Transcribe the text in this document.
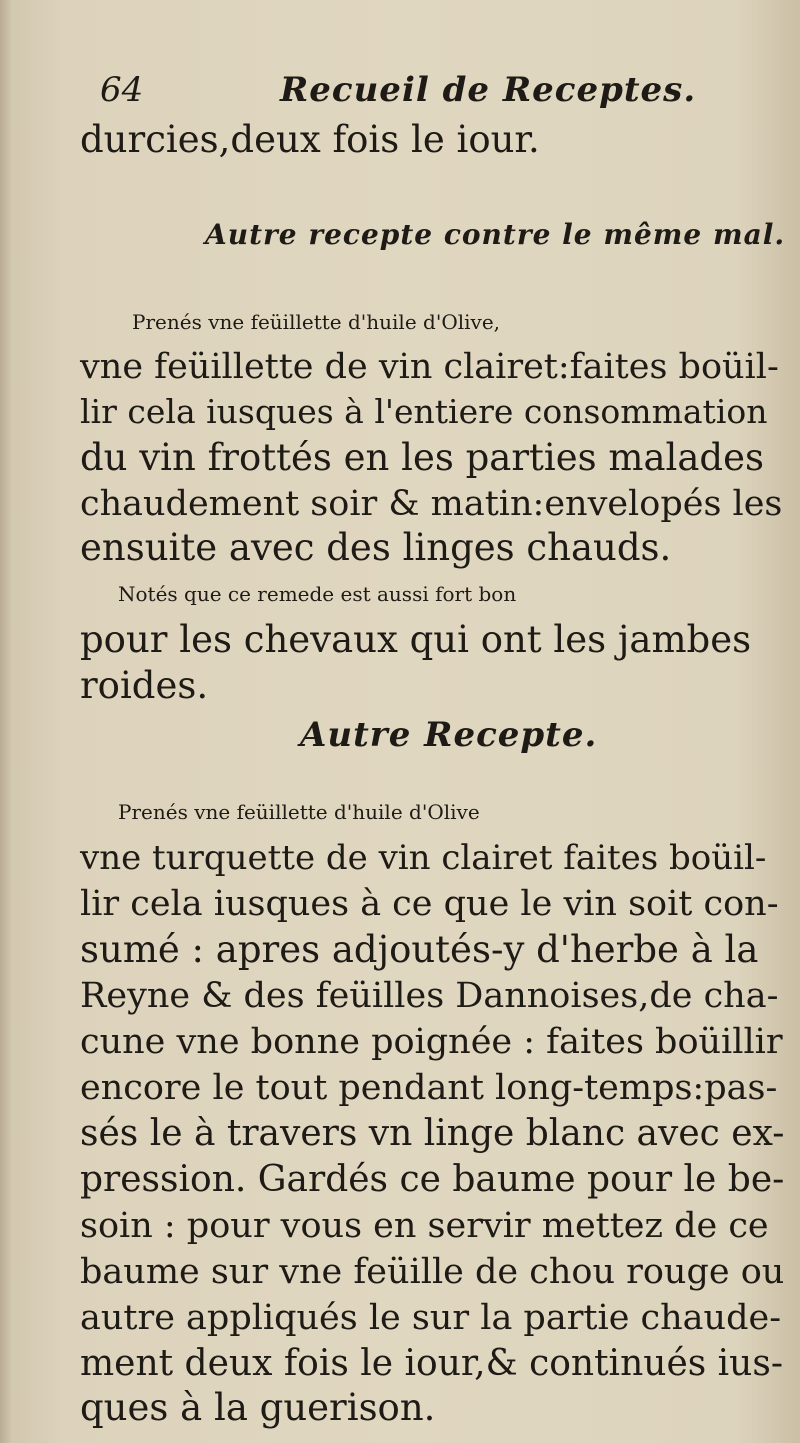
64	Recueil de Receptes.
durcies,deux fois le iour.
Autre recepte contre le même mal.
Prenés vne feüillette d'huile d'Olive,
vne feüillette de vin clairet:faites boüil-
lir cela iusques à l'entiere consommation
du vin frottés en les parties malades
chaudement soir & matin:envelopés les
ensuite avec des linges chauds.
Notés que ce remede est aussi fort bon
pour les chevaux qui ont les jambes
roides.
Autre Recepte.
Prenés vne feüillette d'huile d'Olive
vne turquette de vin clairet faites boüil-
lir cela iusques à ce que le vin soit con-
sumé : apres adjoutés-y d'herbe à la
Reyne & des feüilles Dannoises,de cha-
cune vne bonne poignée : faites boüillir
encore le tout pendant long-temps:pas-
sés le à travers vn linge blanc avec ex-
pression. Gardés ce baume pour le be-
soin : pour vous en servir mettez de ce
baume sur vne feüille de chou rouge ou
autre appliqués le sur la partie chaude-
ment deux fois le iour,& continués ius-
ques à la guerison.
